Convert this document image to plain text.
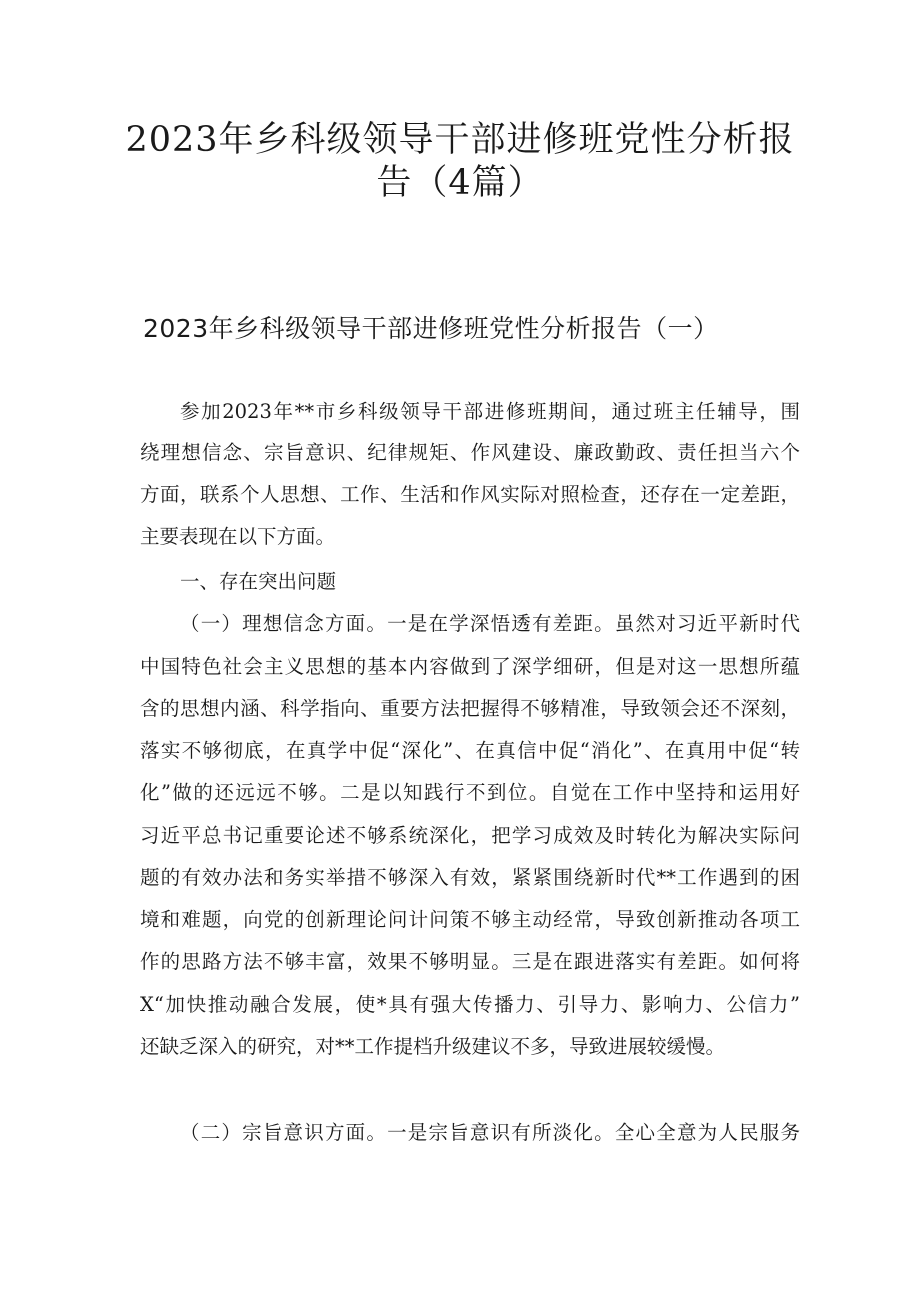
2023年乡科级领导干部进修班党性分析报
告（4篇）
2023年乡科级领导干部进修班党性分析报告（一）

参加2023年**市乡科级领导干部进修班期间，通过班主任辅导，围

绕理想信念、宗旨意识、纪律规矩、作风建设、廉政勤政、责任担当六个

方面，联系个人思想、工作、生活和作风实际对照检查，还存在一定差距，

主要表现在以下方面。

一、存在突出问题

（一）理想信念方面。一是在学深悟透有差距。虽然对习近平新时代

中国特色社会主义思想的基本内容做到了深学细研，但是对这一思想所蕴

含的思想内涵、科学指向、重要方法把握得不够精准，导致领会还不深刻，

落实不够彻底，在真学中促“深化”、在真信中促“消化”、在真用中促“转

化”做的还远远不够。二是以知践行不到位。自觉在工作中坚持和运用好

习近平总书记重要论述不够系统深化，把学习成效及时转化为解决实际问

题的有效办法和务实举措不够深入有效，紧紧围绕新时代**工作遇到的困

境和难题，向党的创新理论问计问策不够主动经常，导致创新推动各项工

作的思路方法不够丰富，效果不够明显。三是在跟进落实有差距。如何将

X“加快推动融合发展，使*具有强大传播力、引导力、影响力、公信力”

还缺乏深入的研究，对**工作提档升级建议不多，导致进展较缓慢。

（二）宗旨意识方面。一是宗旨意识有所淡化。全心全意为人民服务
